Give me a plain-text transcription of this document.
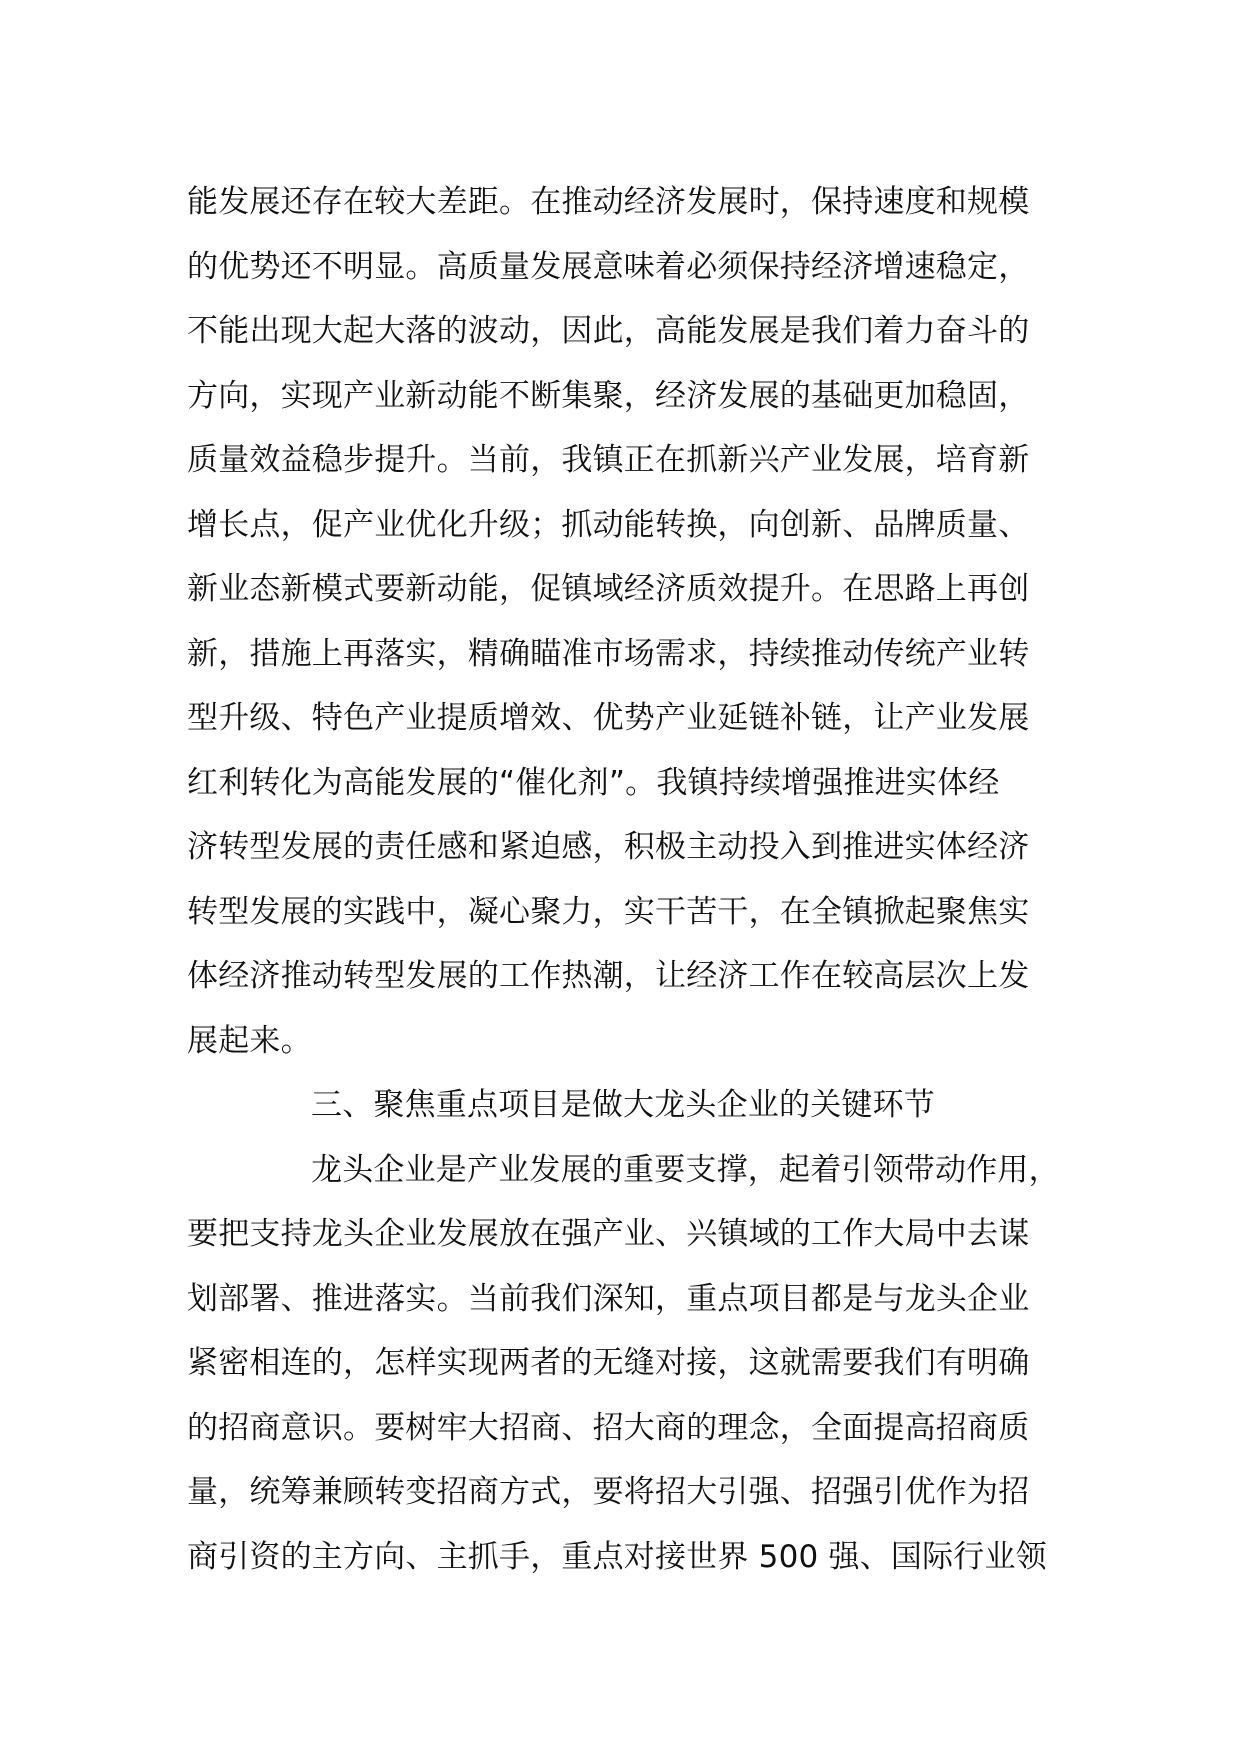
能发展还存在较大差距。在推动经济发展时，保持速度和规模
的优势还不明显。高质量发展意味着必须保持经济增速稳定，
不能出现大起大落的波动，因此，高能发展是我们着力奋斗的
方向，实现产业新动能不断集聚，经济发展的基础更加稳固，
质量效益稳步提升。当前，我镇正在抓新兴产业发展，培育新
增长点，促产业优化升级；抓动能转换，向创新、品牌质量、
新业态新模式要新动能，促镇域经济质效提升。在思路上再创
新，措施上再落实，精确瞄准市场需求，持续推动传统产业转
型升级、特色产业提质增效、优势产业延链补链，让产业发展
红利转化为高能发展的“催化剂”。我镇持续增强推进实体经
济转型发展的责任感和紧迫感，积极主动投入到推进实体经济
转型发展的实践中，凝心聚力，实干苦干，在全镇掀起聚焦实
体经济推动转型发展的工作热潮，让经济工作在较高层次上发
展起来。
三、聚焦重点项目是做大龙头企业的关键环节
龙头企业是产业发展的重要支撑，起着引领带动作用，
要把支持龙头企业发展放在强产业、兴镇域的工作大局中去谋
划部署、推进落实。当前我们深知，重点项目都是与龙头企业
紧密相连的，怎样实现两者的无缝对接，这就需要我们有明确
的招商意识。要树牢大招商、招大商的理念，全面提高招商质
量，统筹兼顾转变招商方式，要将招大引强、招强引优作为招
商引资的主方向、主抓手，重点对接世界 500 强、国际行业领
